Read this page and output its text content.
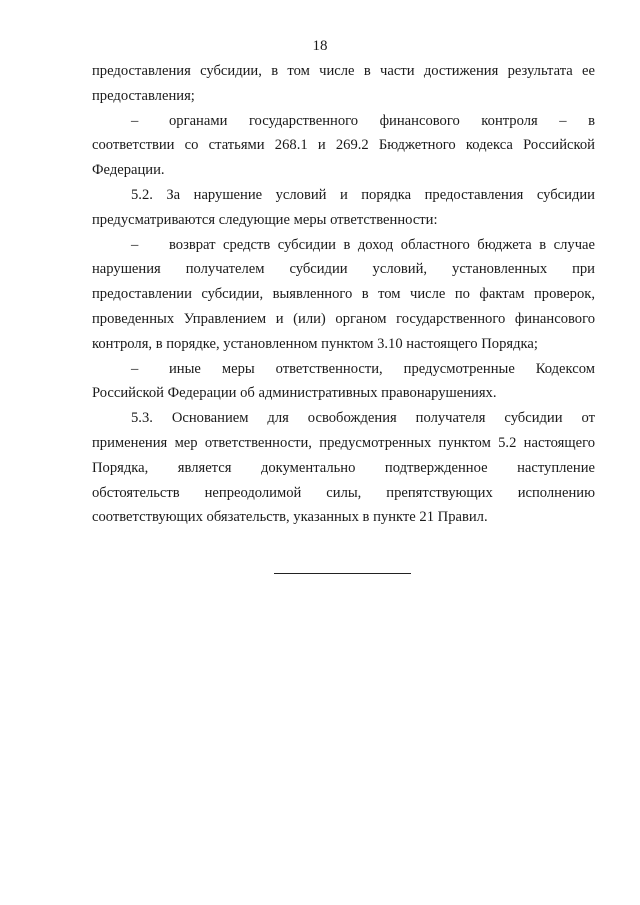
18
предоставления субсидии, в том числе в части достижения результата ее
предоставления;
–	органами государственного финансового контроля – в
соответствии со статьями 268.1 и 269.2 Бюджетного кодекса Российской
Федерации.
5.2. За нарушение условий и порядка предоставления субсидии
предусматриваются следующие меры ответственности:
–	возврат средств субсидии в доход областного бюджета в случае
нарушения получателем субсидии условий, установленных при
предоставлении субсидии, выявленного в том числе по фактам проверок,
проведенных Управлением и (или) органом государственного финансового
контроля, в порядке, установленном пунктом 3.10 настоящего Порядка;
–	иные меры ответственности, предусмотренные Кодексом
Российской Федерации об административных правонарушениях.
5.3. Основанием для освобождения получателя субсидии от
применения мер ответственности, предусмотренных пунктом 5.2 настоящего
Порядка, является документально подтвержденное наступление
обстоятельств непреодолимой силы, препятствующих исполнению
соответствующих обязательств, указанных в пункте 21 Правил.
